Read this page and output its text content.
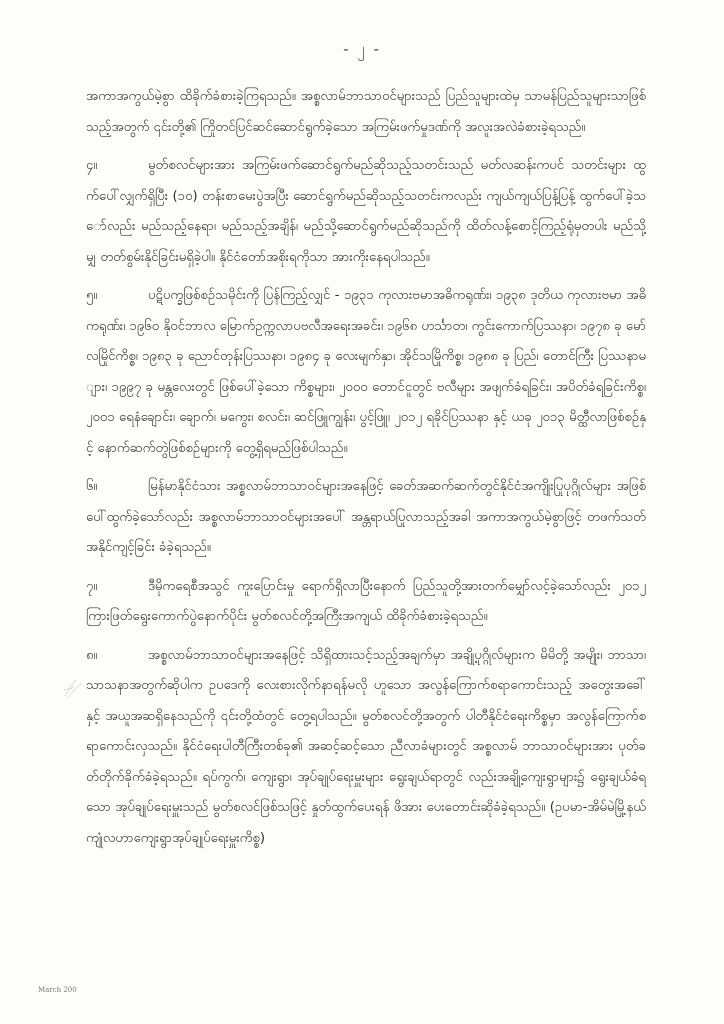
- ၂ -

အကာအကွယ်မဲ့စွာ ထိခိုက်ခံစားခဲ့ကြရသည်။ အစ္စလာမ်ဘာသာဝင်များသည် ပြည်သူများထဲမှ သာမန်ပြည်သူများသာဖြစ်သည့်အတွက် ၎င်းတို့၏ ကြိုတင်ပြင်ဆင်ဆောင်ရွက်ခဲ့သော အကြမ်းဖက်မှုဒဏ်ကို အလူးအလဲခံစားခဲ့ရသည်။

၄။	မွတ်စလင်များအား အကြမ်းဖက်ဆောင်ရွက်မည်ဆိုသည့်သတင်းသည် မတ်လဆန်းကပင် သတင်းများ ထွက်ပေါ်လျှက်ရှိပြီး (၁၀) တန်းစာမေးပွဲအပြီး ဆောင်ရွက်မည်ဆိုသည့်သတင်းကလည်း ကျယ်ကျယ်ပြန့်ပြန့် ထွက်ပေါ်ခဲ့သော်လည်း မည်သည့်နေရာ၊ မည်သည့်အချိန်၊ မည်သို့ဆောင်ရွက်မည်ဆိုသည်ကို ထိတ်လန့်စောင့်ကြည့်ရုံမှတပါး မည်သို့မျှ တတ်စွမ်းနိုင်ခြင်းမရှိခဲ့ပါ။ နိုင်ငံတော်အစိုးရကိုသာ အားကိုးနေရပါသည်။

၅။	ပဋိပက္ခဖြစ်စဉ်သမိုင်းကို ပြန်ကြည့်လျှင် - ၁၉၃၁ ကုလားဗမာအဓိကရုဏ်း၊ ၁၉၃၈ ဒုတိယ ကုလားဗမာ အဓိကရုဏ်း၊ ၁၉၆၀ နိုဝင်ဘာလ မြောက်ဥက္ကလာပဗလီအရေးအခင်း၊ ၁၉၆၈ ဟင်္သာတ၊ ကွင်းကောက်ပြဿနာ၊ ၁၉၇၈ ခု မော်လမြိုင်ကိစ္စ၊ ၁၉၈၃ ခု ညောင်တုန်းပြဿနာ၊ ၁၉၈၄ ခု လေးမျက်နှာ၊ အိုင်သမြိုကိစ္စ၊ ၁၉၈၈ ခု ပြည်၊ တောင်ကြီး ပြဿနာများ၊ ၁၉၉၇ ခု မန္တလေးတွင် ဖြစ်ပေါ်ခဲ့သော ကိစ္စများ၊ ၂၀၀၀ တောင်ငူတွင် ဗလီများ အဖျက်ခံရခြင်း၊ အပိတ်ခံရခြင်းကိစ္စ၊ ၂၀၀၁ ရေနံချောင်း၊ ချောက်၊ မကွေး၊ စလင်း၊ ဆင်ဖြူကျွန်း၊ ပွင့်ဖြူ၊ ၂၀၁၂ ရခိုင်ပြဿနာ နှင့် ယခု ၂၀၁၃ မိတ္ထီလာဖြစ်စဉ်နှင့် နောက်ဆက်တွဲဖြစ်စဉ်များကို တွေ့ရှိရမည်ဖြစ်ပါသည်။

၆။	မြန်မာနိုင်ငံသား အစ္စလာမ်ဘာသာဝင်များအနေဖြင့် ခေတ်အဆက်ဆက်တွင်နိုင်ငံအကျိုးပြုပုဂ္ဂိုလ်များ အဖြစ် ပေါ်ထွက်ခဲ့သော်လည်း အစ္စလာမ်ဘာသာဝင်များအပေါ် အန္တရာယ်ပြုလာသည့်အခါ အကာအကွယ်မဲ့စွာဖြင့် တဖက်သတ်အနိုင်ကျင့်ခြင်း ခံခဲ့ရသည်။

၇။	ဒီမိုကရေစီအသွင် ကူးပြောင်းမှု ရောက်ရှိလာပြီးနောက် ပြည်သူတို့အားတက်မျှော်လင့်ခဲ့သော်လည်း ၂၀၁၂ ကြားဖြတ်ရွေးကောက်ပွဲနောက်ပိုင်း မွတ်စလင်တို့အကြီးအကျယ် ထိခိုက်ခံစားခဲ့ရသည်။

၈။	အစ္စလာမ်ဘာသာဝင်များအနေဖြင့် သိရှိထားသင့်သည့်အချက်မှာ အချို့ပုဂ္ဂိုလ်များက မိမိတို့ အမျိုး၊ ဘာသာ၊ သာသနာအတွက်ဆိုပါက ဥပဒေကို လေးစားလိုက်နာရန်မလို ဟူသော အလွန်ကြောက်စရာကောင်းသည့် အတွေးအခေါ် နှင့် အယူအဆရှိနေသည်ကို ၎င်းတို့ထံတွင် တွေ့ရပါသည်။ မွတ်စလင်တို့အတွက် ပါတီနိုင်ငံရေးကိစ္စမှာ အလွန်ကြောက်စရာကောင်းလှသည်။ နိုင်ငံရေးပါတီကြီးတစ်ခု၏ အဆင့်ဆင့်သော ညီလာခံများတွင် အစ္စလာမ် ဘာသာဝင်များအား ပုတ်ခတ်တိုက်ခိုက်ခံခဲ့ရသည်။ ရပ်ကွက်၊ ကျေးရွာ၊ အုပ်ချုပ်ရေးမှူးများ ရွေးချယ်ရာတွင် လည်းအချို့ကျေးရွာများ၌ ရွေးချယ်ခံရသော အုပ်ချုပ်ရေးမှူးသည် မွတ်စလင်ဖြစ်သဖြင့် နှုတ်ထွက်ပေးရန် ဖိအား ပေးတောင်းဆိုခံခဲ့ရသည်။ (ဥပမာ-အိမ်မဲမြို့နယ် ကျုံလဟာကျေးရွာအုပ်ချုပ်ရေးမှူးကိစ္စ)

March 200
